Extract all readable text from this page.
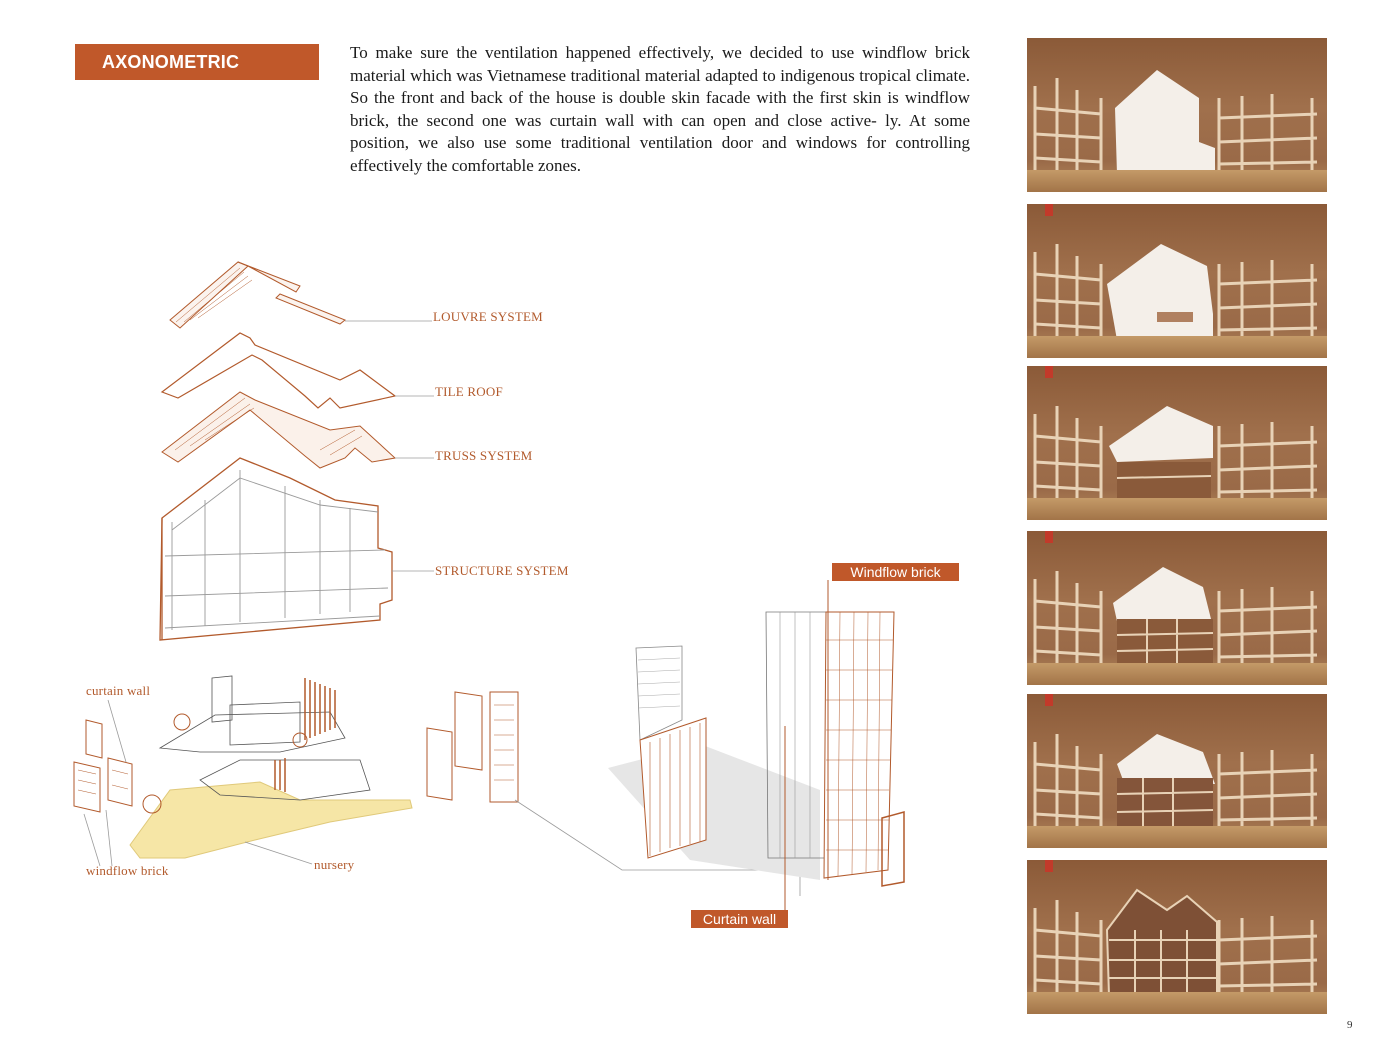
AXONOMETRIC	To make sure the ventilation happened effectively, we decided to use windflow brick material which was Vietnamese traditional material adapted to indigenous tropical climate. So the front and back of the house is double skin facade with the first skin is windflow brick, the second one was curtain wall with can open and close active- ly. At some position, we also use some traditional ventilation door and windows for controlling effectively the comfortable zones.

LOUVRE SYSTEM
TILE ROOF
TRUSS SYSTEM
STRUCTURE SYSTEM
curtain wall
windflow brick	nursery
Windflow brick
Curtain wall
9
